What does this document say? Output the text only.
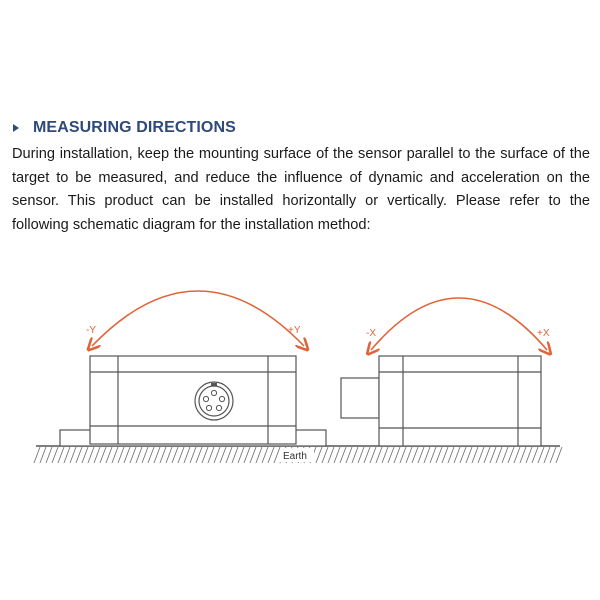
MEASURING DIRECTIONS

During installation, keep the mounting surface of the sensor parallel to the surface of the target to be measured, and reduce the influence of dynamic and acceleration on the sensor. This product can be installed horizontally or vertically. Please refer to the following schematic diagram for the installation method:

Earth
-Y	+Y	-X	+X
